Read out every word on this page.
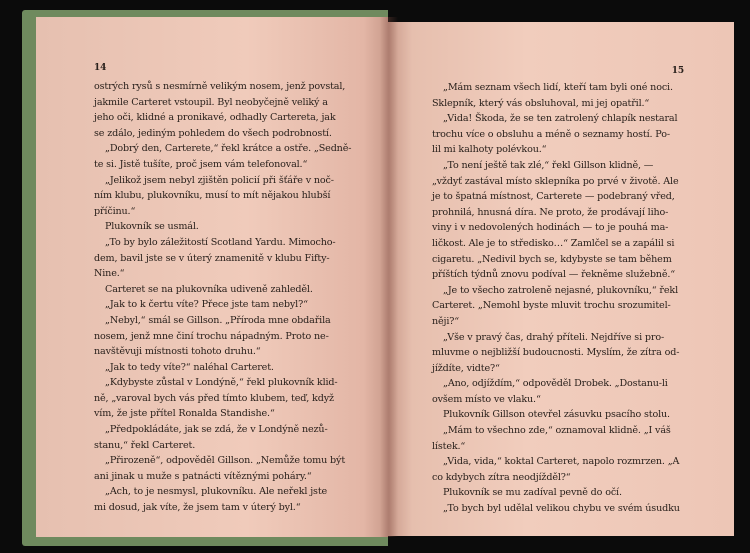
14
ostrých rysů s nesmírně velikým nosem, jenž povstal,
jakmile Carteret vstoupil. Byl neobyčejně veliký a
jeho oči, klidné a pronikavé, odhadly Cartereta, jak
se zdálo, jediným pohledem do všech podrobností.
„Dobrý den, Carterete,“ řekl krátce a ostře. „Sedně-
te si. Jistě tušíte, proč jsem vám telefonoval.“
„Jelikož jsem nebyl zjištěn policií při šťáře v noč-
ním klubu, plukovníku, musí to mít nějakou hlubší
příčinu.“
Plukovník se usmál.
„To by bylo záležitostí Scotland Yardu. Mimocho-
dem, bavil jste se v úterý znamenitě v klubu Fifty-
Nine.“
Carteret se na plukovníka udiveně zahleděl.
„Jak to k čertu víte? Přece jste tam nebyl?“
„Nebyl,“ smál se Gillson. „Příroda mne obdařila
nosem, jenž mne činí trochu nápadným. Proto ne-
navštěvuji místnosti tohoto druhu.“
„Jak to tedy víte?“ naléhal Carteret.
„Kdybyste zůstal v Londýně,“ řekl plukovník klid-
ně, „varoval bych vás před tímto klubem, teď, když
vím, že jste přítel Ronalda Standishe.“
„Předpokládáte, jak se zdá, že v Londýně nezů-
stanu,“ řekl Carteret.
„Přirozeně“, odpověděl Gillson. „Nemůže tomu být
ani jinak u muže s patnácti vítěznými poháry.“
„Ach, to je nesmysl, plukovníku. Ale neřekl jste
mi dosud, jak víte, že jsem tam v úterý byl.“
15
„Mám seznam všech lidí, kteří tam byli oné noci.
Sklepník, který vás obsluhoval, mi jej opatřil.“
„Vida! Škoda, že se ten zatrolený chlapík nestaral
trochu více o obsluhu a méně o seznamy hostí. Po-
lil mi kalhoty polévkou.“
„To není ještě tak zlé,“ řekl Gillson klidně, —
„vždyť zastával místo sklepníka po prvé v životě. Ale
je to špatná místnost, Carterete — podebraný vřed,
prohnilá, hnusná díra. Ne proto, že prodávají liho-
viny i v nedovolených hodinách — to je pouhá ma-
ličkost. Ale je to středisko…“ Zamlčel se a zapálil si
cigaretu. „Nedivil bych se, kdybyste se tam během
příštích týdnů znovu podíval — řekněme služebně.“
„Je to všecho zatroleně nejasné, plukovníku,“ řekl
Carteret. „Nemohl byste mluvit trochu srozumitel-
něji?“
„Vše v pravý čas, drahý příteli. Nejdříve si pro-
mluvme o nejbližší budoucnosti. Myslím, že zítra od-
jíždíte, vidte?“
„Ano, odjíždím,“ odpověděl Drobek. „Dostanu-li
ovšem místo ve vlaku.“
Plukovník Gillson otevřel zásuvku psacího stolu.
„Mám to všechno zde,“ oznamoval klidně. „I váš
lístek.“
„Vida, vida,“ koktal Carteret, napolo rozmrzen. „A
co kdybych zítra neodjížděl?“
Plukovník se mu zadíval pevně do očí.
„To bych byl udělal velikou chybu ve svém úsudku
